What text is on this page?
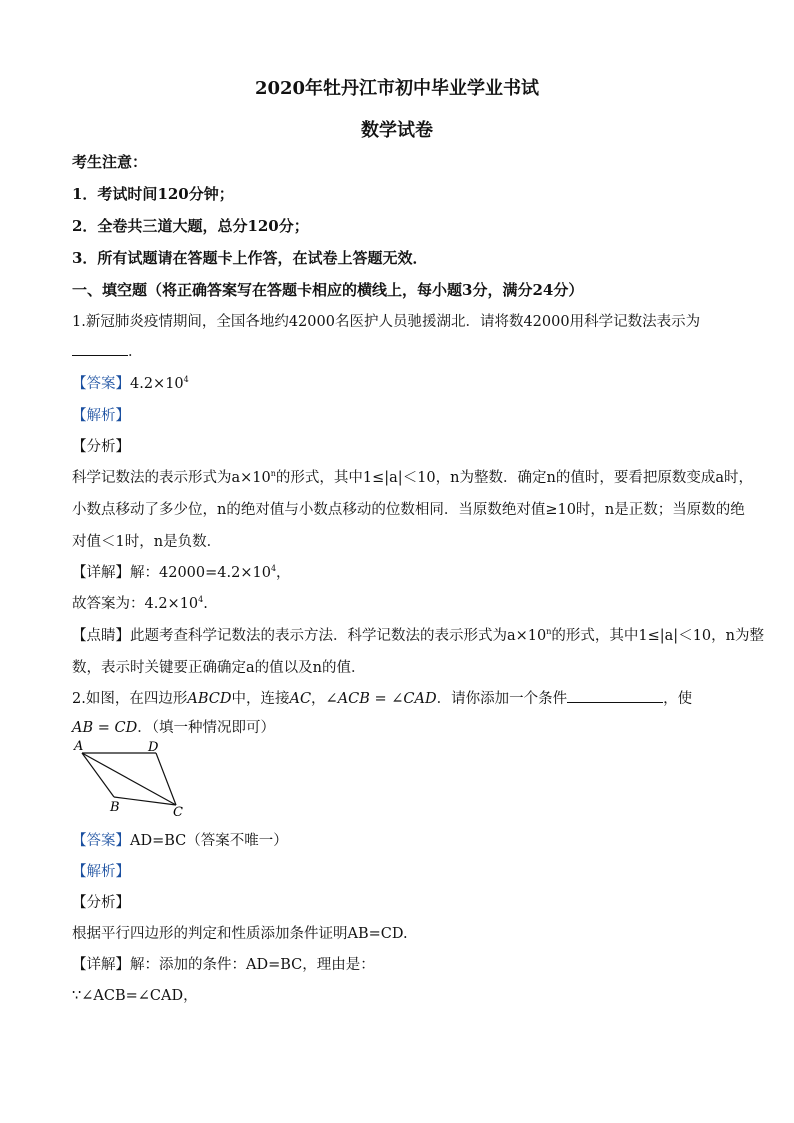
2020年牡丹江市初中毕业学业书试
数学试卷
考生注意：
1．考试时间120分钟；
2．全卷共三道大题，总分120分；
3．所有试题请在答题卡上作答，在试卷上答题无效．
一、填空题（将正确答案写在答题卡相应的横线上，每小题3分，满分24分）
1.新冠肺炎疫情期间，全国各地约42000名医护人员驰援湖北．请将数42000用科学记数法表示为
．
【答案】$4.2\times 10^4$
【解析】
【分析】
科学记数法的表示形式为$a\times 10^n$的形式，其中1≤|a|＜10，n为整数．确定n的值时，要看把原数变成a时，
小数点移动了多少位，n的绝对值与小数点移动的位数相同．当原数绝对值≥10时，n是正数；当原数的绝
对值＜1时，n是负数．
【详解】解：$42000=4.2\times 10^4$，
故答案为：$4.2\times 10^4$.
【点睛】此题考查科学记数法的表示方法．科学记数法的表示形式为$a\times 10^n$的形式，其中1≤|a|＜10，n为整
数，表示时关键要正确确定a的值以及n的值．
2.如图，在四边形ABCD中，连接AC，∠ACB = ∠CAD．请你添加一个条件	，使
AB = CD．（填一种情况即可）
A	D
B	C
【答案】AD=BC（答案不唯一）
【解析】
【分析】
根据平行四边形的判定和性质添加条件证明AB=CD.
【详解】解：添加的条件：AD=BC，理由是：
∵∠ACB=∠CAD，
